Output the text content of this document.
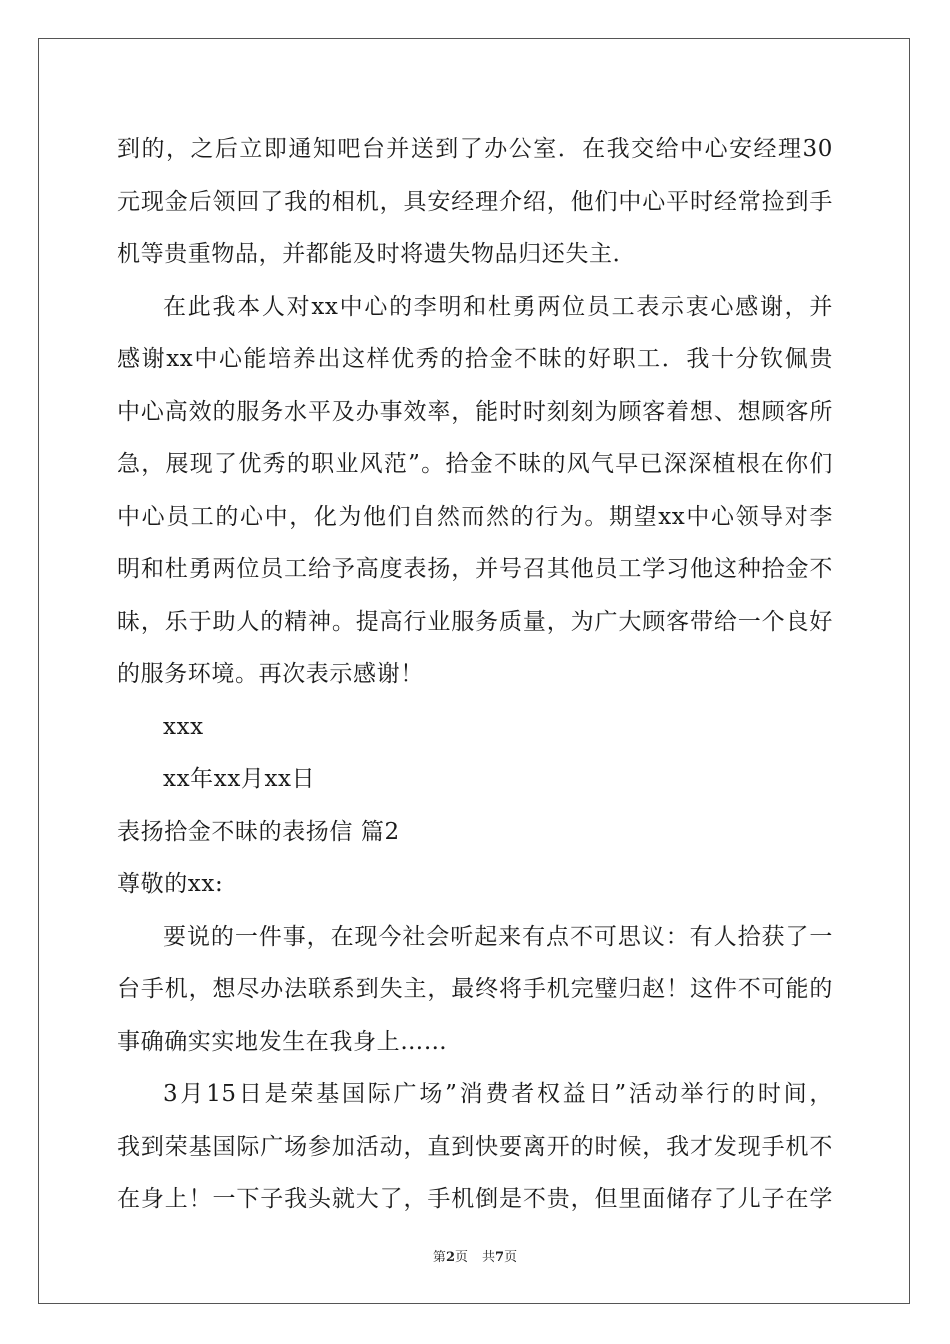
到的，之后立即通知吧台并送到了办公室．在我交给中心安经理30
元现金后领回了我的相机，具安经理介绍，他们中心平时经常捡到手
机等贵重物品，并都能及时将遗失物品归还失主．
在此我本人对xx中心的李明和杜勇两位员工表示衷心感谢，并
感谢xx中心能培养出这样优秀的拾金不昧的好职工．我十分钦佩贵
中心高效的服务水平及办事效率，能时时刻刻为顾客着想、想顾客所
急，展现了优秀的职业风范”。拾金不昧的风气早已深深植根在你们
中心员工的心中，化为他们自然而然的行为。期望xx中心领导对李
明和杜勇两位员工给予高度表扬，并号召其他员工学习他这种拾金不
昧，乐于助人的精神。提高行业服务质量，为广大顾客带给一个良好
的服务环境。再次表示感谢！
xxx
xx年xx月xx日
表扬拾金不昧的表扬信 篇2
尊敬的xx:
要说的一件事，在现今社会听起来有点不可思议：有人拾获了一
台手机，想尽办法联系到失主，最终将手机完璧归赵！这件不可能的
事确确实实地发生在我身上……
3月15日是荣基国际广场”消费者权益日”活动举行的时间，
我到荣基国际广场参加活动，直到快要离开的时候，我才发现手机不
在身上！一下子我头就大了，手机倒是不贵，但里面储存了儿子在学
第2页 共7页
